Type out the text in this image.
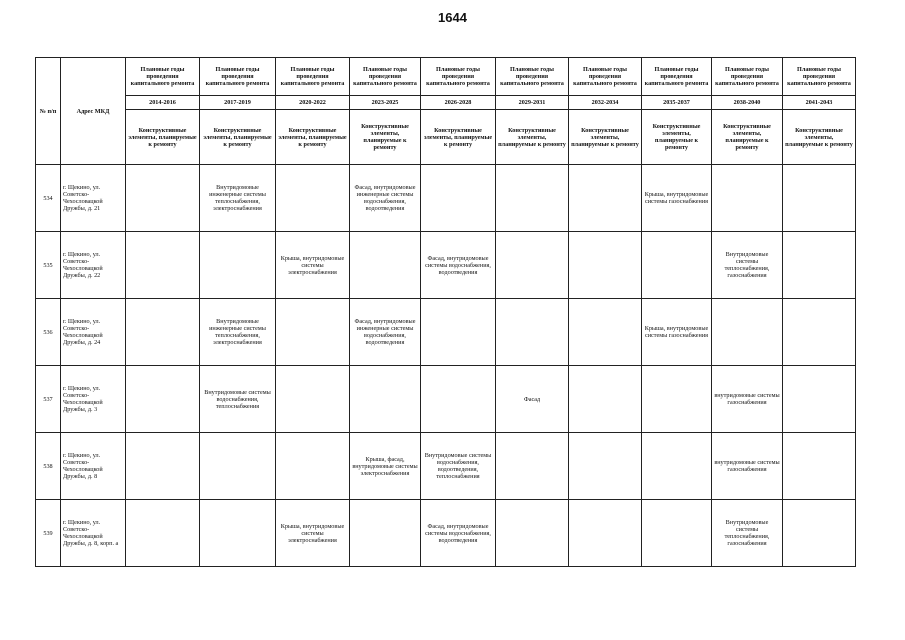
1644
№ п/п	Адрес МКД	Плановые годы проведения капитального ремонта	Плановые годы проведения капитального ремонта	Плановые годы проведения капитального ремонта	Плановые годы проведения капитального ремонта	Плановые годы проведения капитального ремонта	Плановые годы проведения капитального ремонта	Плановые годы проведения капитального ремонта	Плановые годы проведения капитального ремонта	Плановые годы проведения капитального ремонта	Плановые годы проведения капитального ремонта
		2014-2016	2017-2019	2020-2022	2023-2025	2026-2028	2029-2031	2032-2034	2035-2037	2038-2040	2041-2043
		Конструктивные элементы, планируемые к ремонту	Конструктивные элементы, планируемые к ремонту	Конструктивные элементы, планируемые к ремонту	Конструктивные элементы, планируемые к ремонту	Конструктивные элементы, планируемые к ремонту	Конструктивные элементы, планируемые к ремонту	Конструктивные элементы, планируемые к ремонту	Конструктивные элементы, планируемые к ремонту	Конструктивные элементы, планируемые к ремонту	Конструктивные элементы, планируемые к ремонту
534	г. Щекино, ул. Советско-Чехословацкой Дружбы, д. 21		Внутридомовые инженерные системы теплоснабжения, электроснабжения		Фасад, внутридомовые инженерные системы водоснабжения, водоотведения				Крыша, внутридомовые системы газоснабжения		
535	г. Щекино, ул. Советско-Чехословацкой Дружбы, д. 22			Крыша, внутридомовые системы электроснабжения		Фасад, внутридомовые системы водоснабжения, водоотведения				Внутридомовые системы теплоснабжения, газоснабжения	
536	г. Щекино, ул. Советско-Чехословацкой Дружбы, д. 24		Внутридомовые инженерные системы теплоснабжения, электроснабжения		Фасад, внутридомовые инженерные системы водоснабжения, водоотведения				Крыша, внутридомовые системы газоснабжения		
537	г. Щекино, ул. Советско-Чехословацкой Дружбы, д. 3		Внутридомовые системы водоснабжения, теплоснабжения				Фасад			внутридомовые системы газоснабжения	
538	г. Щекино, ул. Советско-Чехословацкой Дружбы, д. 8				Крыша, фасад, внутридомовые системы электроснабжения	Внутридомовые системы водоснабжения, водоотведения, теплоснабжения				внутридомовые системы газоснабжения	
539	г. Щекино, ул. Советско-Чехословацкой Дружбы, д. 8, корп. а			Крыша, внутридомовые системы электроснабжения		Фасад, внутридомовые системы водоснабжения, водоотведения				Внутридомовые системы теплоснабжения, газоснабжения	
